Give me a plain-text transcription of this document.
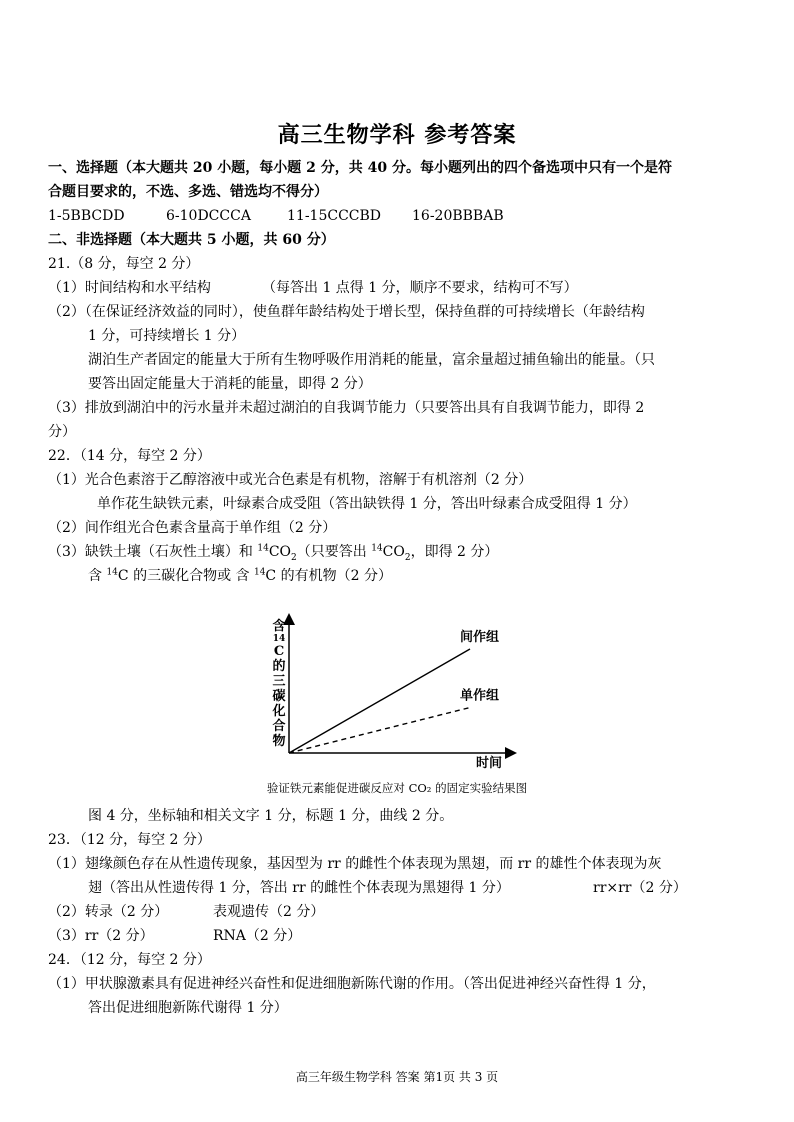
高三生物学科 参考答案
一、选择题（本大题共 20 小题，每小题 2 分，共 40 分。每小题列出的四个备选项中只有一个是符
合题目要求的，不选、多选、错选均不得分）
1-5BBCDD	6-10DCCCA	11-15CCCBD 16-20BBBAB
二、非选择题（本大题共 5 小题，共 60 分）
21.（8 分，每空 2 分）
（1）时间结构和水平结构	（每答出 1 点得 1 分，顺序不要求，结构可不写）
（2）（在保证经济效益的同时），使鱼群年龄结构处于增长型，保持鱼群的可持续增长（年龄结构
1 分，可持续增长 1 分）
湖泊生产者固定的能量大于所有生物呼吸作用消耗的能量，富余量超过捕鱼输出的能量。（只
要答出固定能量大于消耗的能量，即得 2 分）
（3）排放到湖泊中的污水量并未超过湖泊的自我调节能力（只要答出具有自我调节能力，即得 2
分）
22．（14 分，每空 2 分）
（1）光合色素溶于乙醇溶液中或光合色素是有机物，溶解于有机溶剂（2 分）
单作花生缺铁元素，叶绿素合成受阻（答出缺铁得 1 分，答出叶绿素合成受阻得 1 分）
（2）间作组光合色素含量高于单作组（2 分）
（3）缺铁土壤（石灰性土壤）和 $^{14}CO_2$（只要答出 $^{14}CO_2$，即得 2 分）
含 $^{14}$C 的三碳化合物或 含 $^{14}$C 的有机物（2 分）
间作组
单作组
含
14
C
的
三
碳
化
合
物
时间
验证铁元素能促进碳反应对 CO₂ 的固定实验结果图
图 4 分，坐标轴和相关文字 1 分，标题 1 分，曲线 2 分。
23．（12 分，每空 2 分）
（1）翅缘颜色存在从性遗传现象，基因型为 rr 的雌性个体表现为黑翅，而 rr 的雄性个体表现为灰
翅（答出从性遗传得 1 分，答出 rr 的雌性个体表现为黑翅得 1 分）	rr×rr（2 分）
（2）转录（2 分）	表观遗传（2 分）
（3）rr（2 分）	RNA（2 分）
24．（12 分，每空 2 分）
（1）甲状腺激素具有促进神经兴奋性和促进细胞新陈代谢的作用。（答出促进神经兴奋性得 1 分，
答出促进细胞新陈代谢得 1 分）
高三年级生物学科 答案 第1页 共 3 页
